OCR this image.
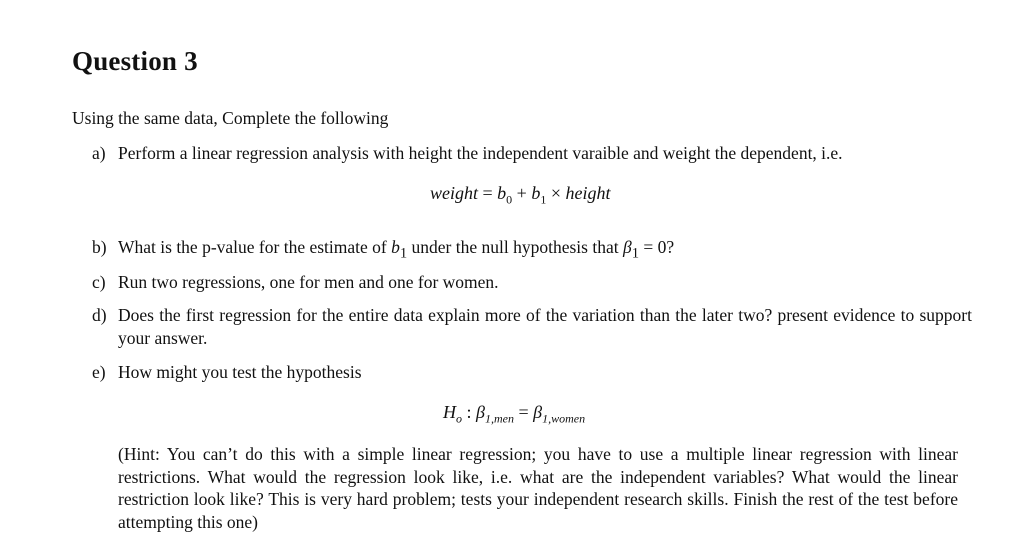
Question 3
Using the same data, Complete the following
a) Perform a linear regression analysis with height the independent varaible and weight the dependent, i.e.
weight = $b_0 + b_1$ × height
b) What is the p-value for the estimate of $b_1$ under the null hypothesis that $\beta_1 = 0$?
c) Run two regressions, one for men and one for women.
d) Does the first regression for the entire data explain more of the variation than the later two? present evidence to support your answer.
e) How might you test the hypothesis
$H_o$ : $\beta_{1,men} = \beta_{1,women}$
(Hint: You can’t do this with a simple linear regression; you have to use a multiple linear regression with linear restrictions. What would the regression look like, i.e. what are the independent variables? What would the linear restriction look like? This is very hard problem; tests your independent research skills. Finish the rest of the test before attempting this one)
